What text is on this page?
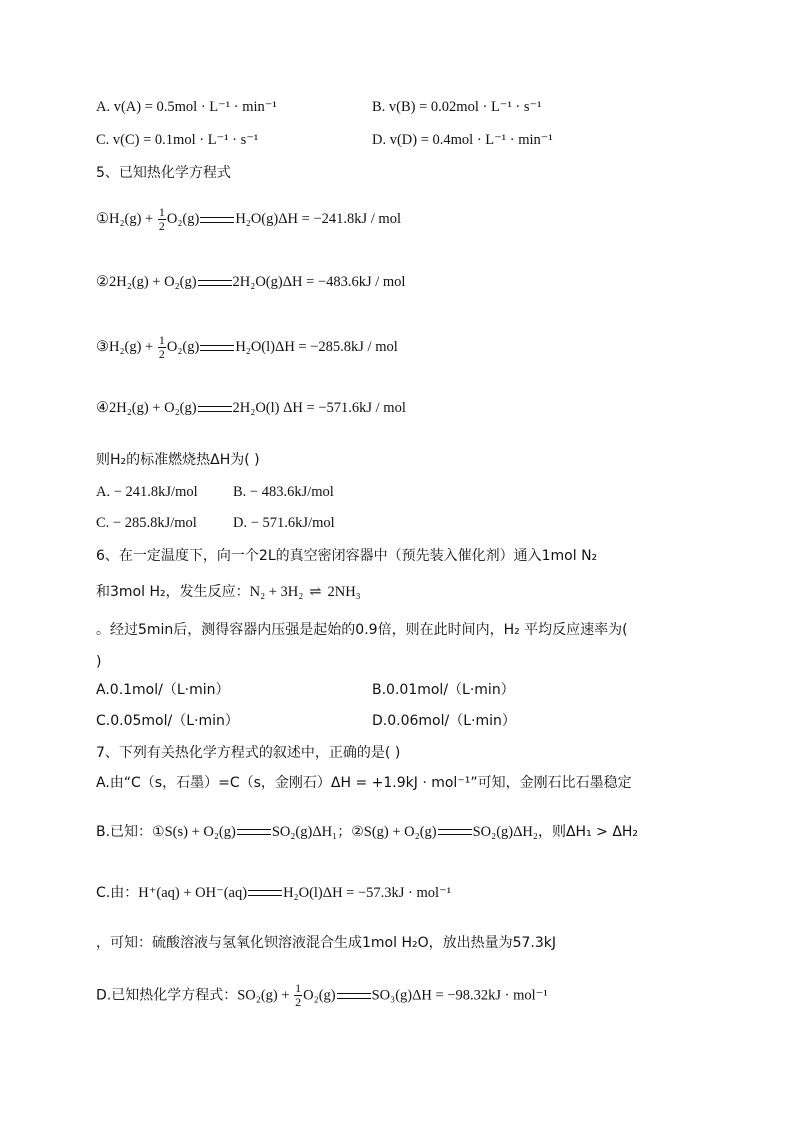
A. v(A) = 0.5mol · L⁻¹ · min⁻¹	B. v(B) = 0.02mol · L⁻¹ · s⁻¹
C. v(C) = 0.1mol · L⁻¹ · s⁻¹	D. v(D) = 0.4mol · L⁻¹ · min⁻¹
5、已知热化学方程式
①H₂(g) + $\frac{1}{2} O_2(g) H_2O(g)\Delta H = -241.8kJ$ / mol
②2H₂(g) + O₂(g) 2H₂O(g)ΔH = −483.6kJ / mol
③H₂(g) + $\frac{1}{2} O_2(g) H_2O(l)\Delta H = -285.8kJ$ / mol
④2H₂(g) + O₂(g) 2H₂O(l) ΔH = −571.6kJ / mol
则H₂的标准燃烧热ΔH为( )
A. − 241.8kJ/mol B. − 483.6kJ/mol
C. − 285.8kJ/mol D. − 571.6kJ/mol
6、在一定温度下，向一个2L的真空密闭容器中（预先装入催化剂）通入1mol N₂
和3mol H₂，发生反应：N₂ + 3H₂ ⇌ 2NH₃
。经过5min后，测得容器内压强是起始的0.9倍，则在此时间内，H₂ 平均反应速率为(
)
A.0.1mol/（L·min）	B.0.01mol/（L·min）
C.0.05mol/（L·min）	D.0.06mol/（L·min）
7、下列有关热化学方程式的叙述中，正确的是( )
A.由“C（s，石墨）=C（s，金刚石）ΔH = +1.9kJ · mol⁻¹”可知，金刚石比石墨稳定
B.已知：①S(s) + O₂(g) SO₂(g)ΔH₁；②S(g) + O₂(g) SO₂(g)ΔH₂，则ΔH₁ > ΔH₂
C.由：H⁺(aq) + OH⁻(aq) H₂O(l)ΔH = −57.3kJ · mol⁻¹
，可知：硫酸溶液与氢氧化钡溶液混合生成1mol H₂O，放出热量为57.3kJ
D.已知热化学方程式：$SO_2(g) + \frac{1}{2} O_2(g) SO_3(g)\Delta H = -98.32kJ \cdot mol^{-1}$
